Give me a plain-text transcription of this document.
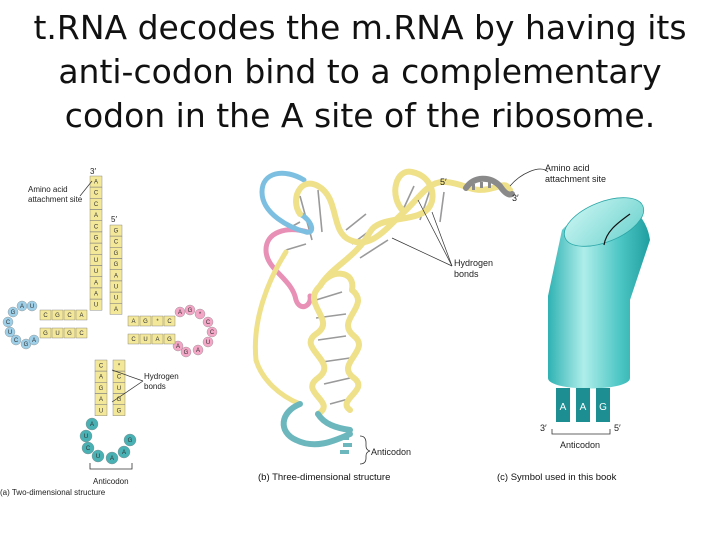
t.RNA decodes the m.RNA by having its
anti-codon bind to a complementary
codon in the A site of the ribosome.
A
C
C
A
C
G
C
U
U
A
A
U
G
C
G
G
A
U
U
A
U
A
G
C
U
C
G
A
A G
*
C
C
U
A
G
A
C G C A
G U G C
A G * C
C U A G
C
A
G
A
U
*
C
U
G
G
A
U
C
U A
A
G
3′
5′
Amino acid
attachment site
Hydrogen
bonds
Anticodon
(a) Two-dimensional structure
5′
3′
Hydrogen
bonds
Anticodon
(b) Three-dimensional structure
Amino acid
attachment site
A A G
3′	5′
Anticodon
(c) Symbol used in this book
